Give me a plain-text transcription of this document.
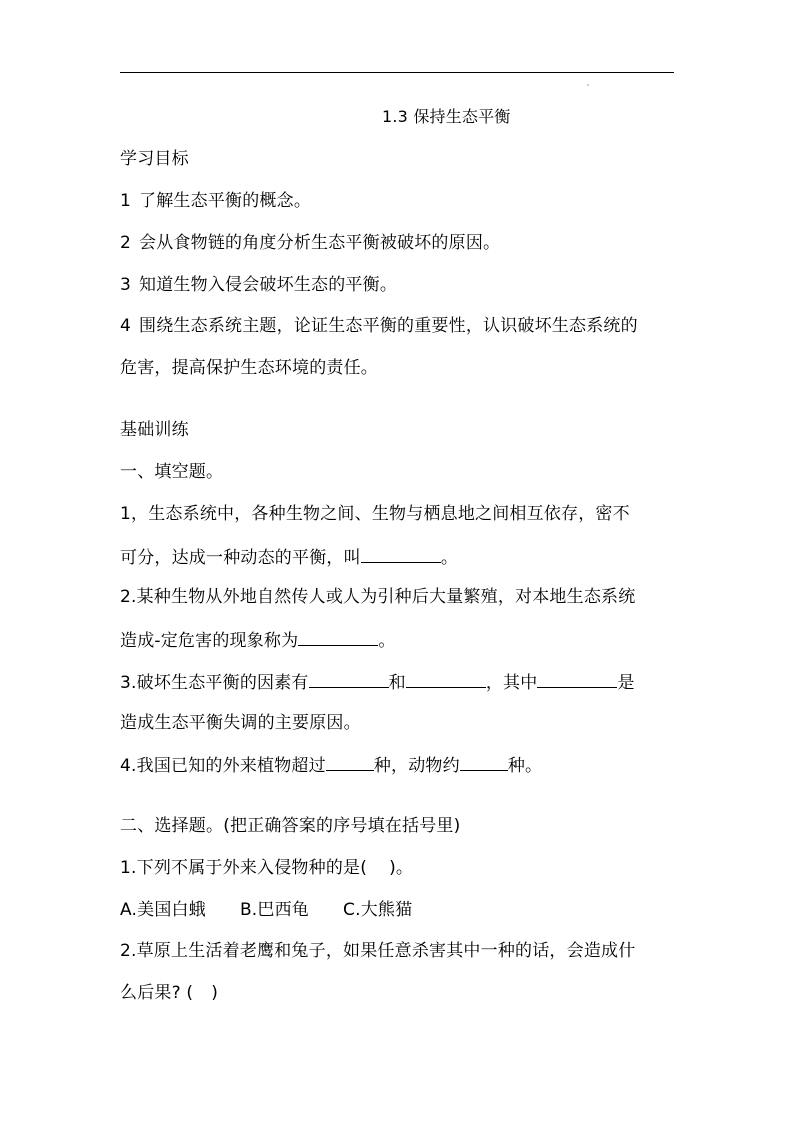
1.3 保持生态平衡
学习目标
1 了解生态平衡的概念。
2 会从食物链的角度分析生态平衡被破坏的原因。
3 知道生物入侵会破坏生态的平衡。
4 围绕生态系统主题，论证生态平衡的重要性，认识破坏生态系统的
危害，提高保护生态环境的责任。
基础训练
一、填空题。
1，生态系统中，各种生物之间、生物与栖息地之间相互依存，密不
可分，达成一种动态的平衡，叫	。
2.某种生物从外地自然传人或人为引种后大量繁殖，对本地生态系统
造成-定危害的现象称为	。
3.破坏生态平衡的因素有	和	，其中	是
造成生态平衡失调的主要原因。
4.我国已知的外来植物超过	种，动物约	种。
二、选择题。(把正确答案的序号填在括号里)
1.下列不属于外来入侵物种的是( )。
A.美国白蛾 B.巴西龟 C.大熊猫
2.草原上生活着老鹰和兔子，如果任意杀害其中一种的话，会造成什
么后果? ( )
